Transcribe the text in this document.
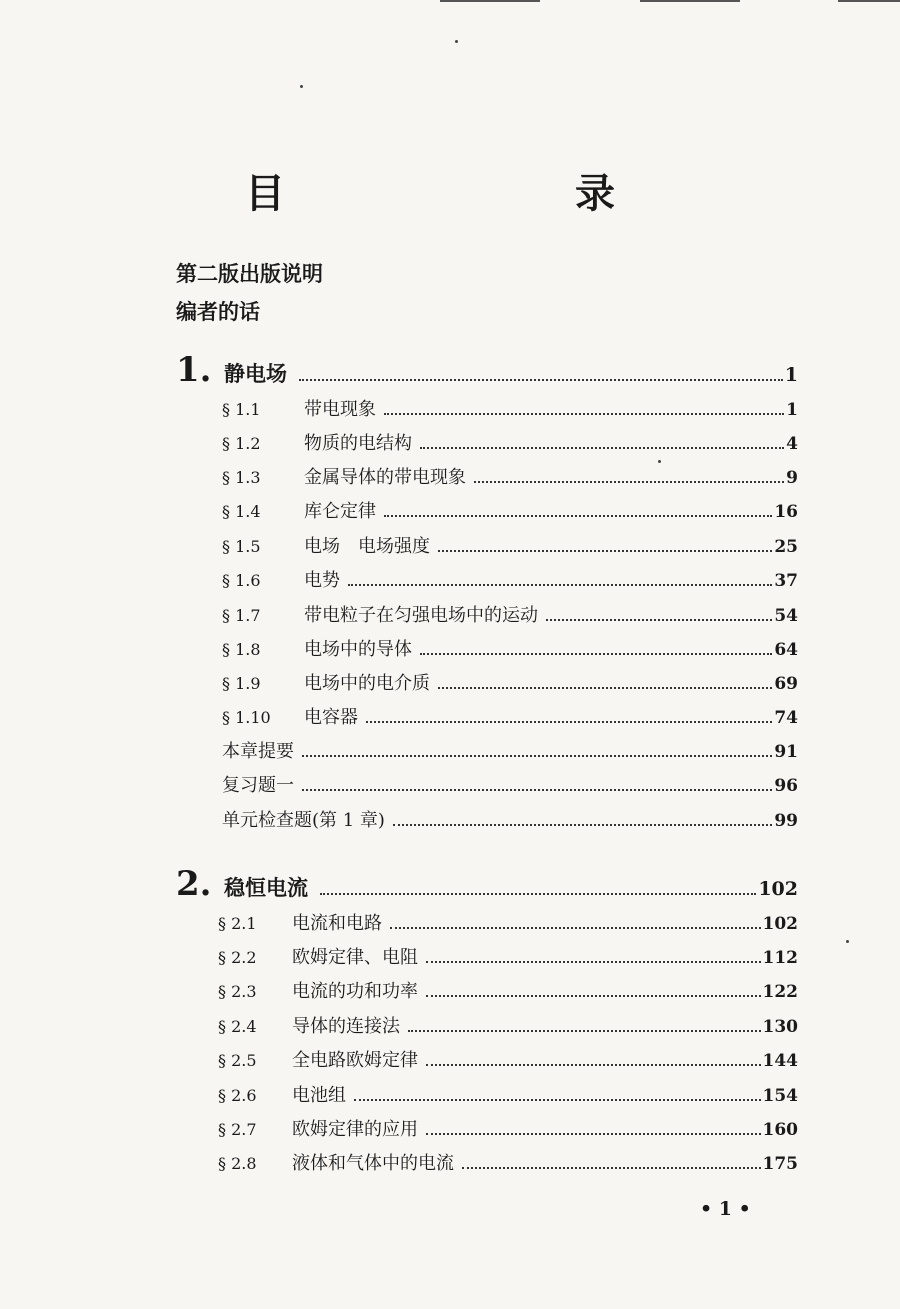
目　　录
第二版出版说明
编者的话
1. 静电场	1
§ 1.1	带电现象	1
§ 1.2	物质的电结构	4
§ 1.3	金属导体的带电现象	9
§ 1.4	库仑定律	16
§ 1.5	电场　电场强度	25
§ 1.6	电势	37
§ 1.7	带电粒子在匀强电场中的运动	54
§ 1.8	电场中的导体	64
§ 1.9	电场中的电介质	69
§ 1.10	电容器	74
本章提要	91
复习题一	96
单元检查题(第 1 章)	99
2. 稳恒电流	102
§ 2.1	电流和电路	102
§ 2.2	欧姆定律、电阻	112
§ 2.3	电流的功和功率	122
§ 2.4	导体的连接法	130
§ 2.5	全电路欧姆定律	144
§ 2.6	电池组	154
§ 2.7	欧姆定律的应用	160
§ 2.8	液体和气体中的电流	175
• 1 •
